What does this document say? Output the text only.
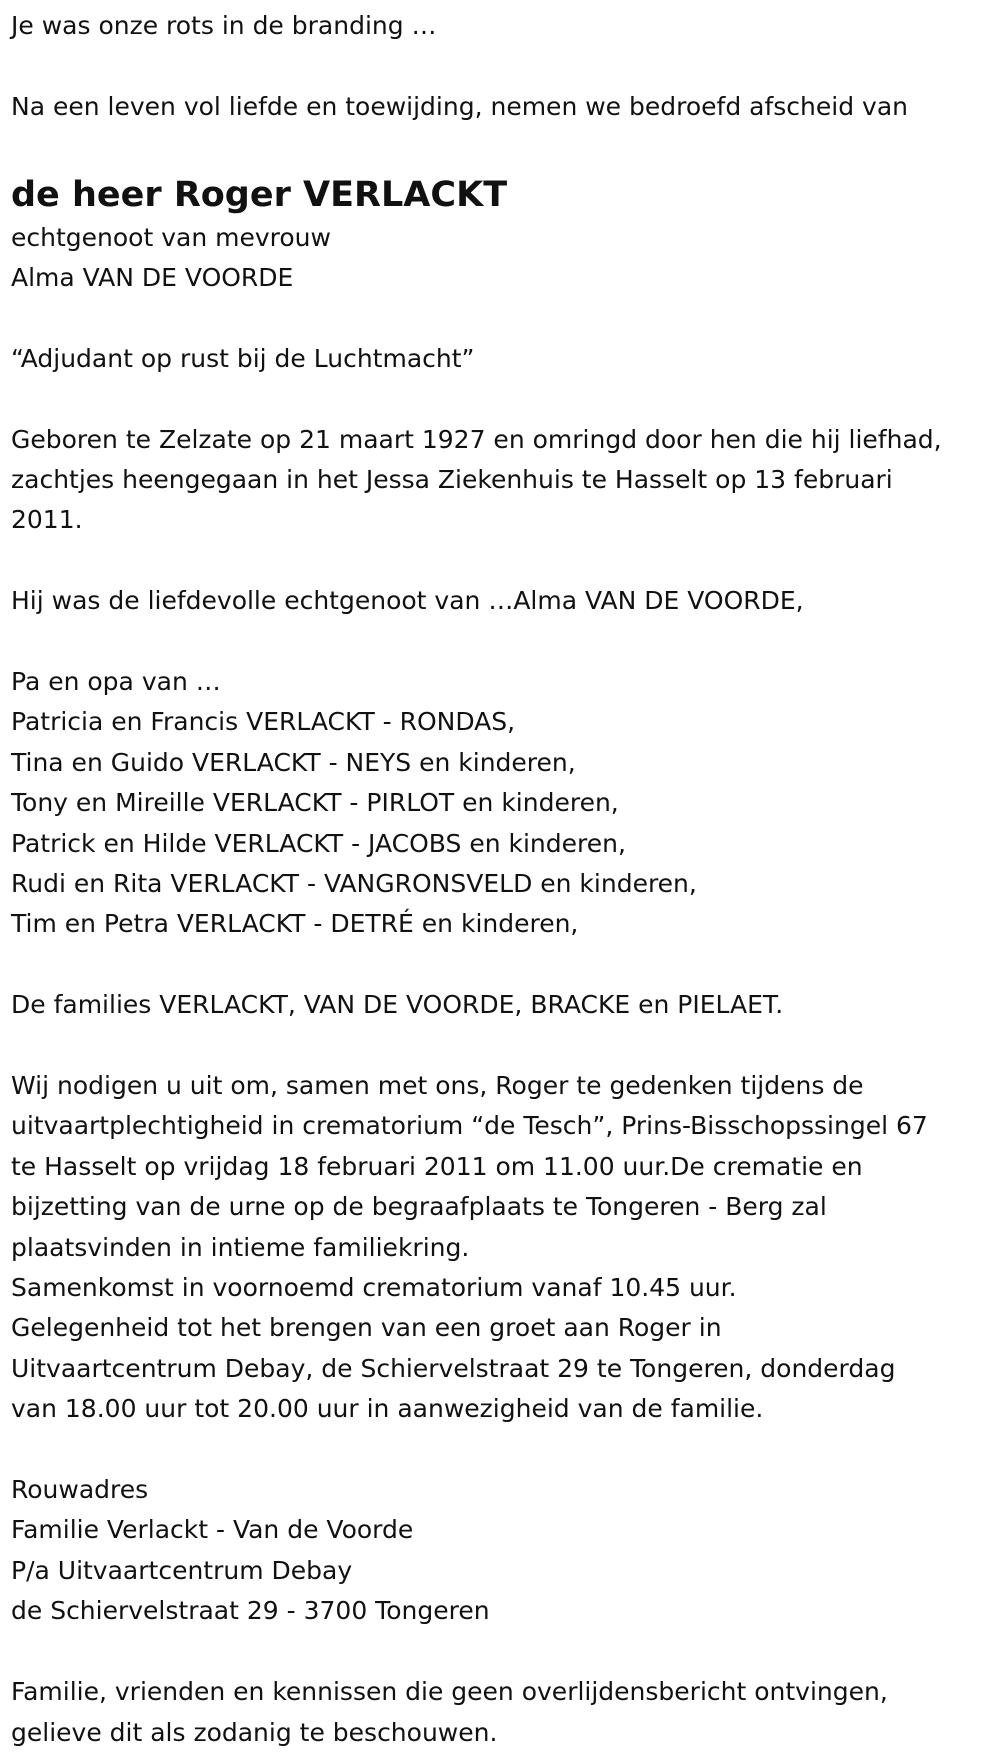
Je was onze rots in de branding …

Na een leven vol liefde en toewijding, nemen we bedroefd afscheid van

de heer Roger VERLACKT

echtgenoot van mevrouw

Alma VAN DE VOORDE

“Adjudant op rust bij de Luchtmacht”

Geboren te Zelzate op 21 maart 1927 en omringd door hen die hij liefhad,

zachtjes heengegaan in het Jessa Ziekenhuis te Hasselt op 13 februari

2011.

Hij was de liefdevolle echtgenoot van …Alma VAN DE VOORDE,

Pa en opa van …

Patricia en Francis VERLACKT - RONDAS,

Tina en Guido VERLACKT - NEYS en kinderen,

Tony en Mireille VERLACKT - PIRLOT en kinderen,

Patrick en Hilde VERLACKT - JACOBS en kinderen,

Rudi en Rita VERLACKT - VANGRONSVELD en kinderen,

Tim en Petra VERLACKT - DETRÉ en kinderen,

De families VERLACKT, VAN DE VOORDE, BRACKE en PIELAET.

Wij nodigen u uit om, samen met ons, Roger te gedenken tijdens de

uitvaartplechtigheid in crematorium “de Tesch”, Prins-Bisschopssingel 67

te Hasselt op vrijdag 18 februari 2011 om 11.00 uur.De crematie en

bijzetting van de urne op de begraafplaats te Tongeren - Berg zal

plaatsvinden in intieme familiekring.

Samenkomst in voornoemd crematorium vanaf 10.45 uur.

Gelegenheid tot het brengen van een groet aan Roger in

Uitvaartcentrum Debay, de Schiervelstraat 29 te Tongeren, donderdag

van 18.00 uur tot 20.00 uur in aanwezigheid van de familie.

Rouwadres

Familie Verlackt - Van de Voorde

P/a Uitvaartcentrum Debay

de Schiervelstraat 29 - 3700 Tongeren

Familie, vrienden en kennissen die geen overlijdensbericht ontvingen,

gelieve dit als zodanig te beschouwen.
